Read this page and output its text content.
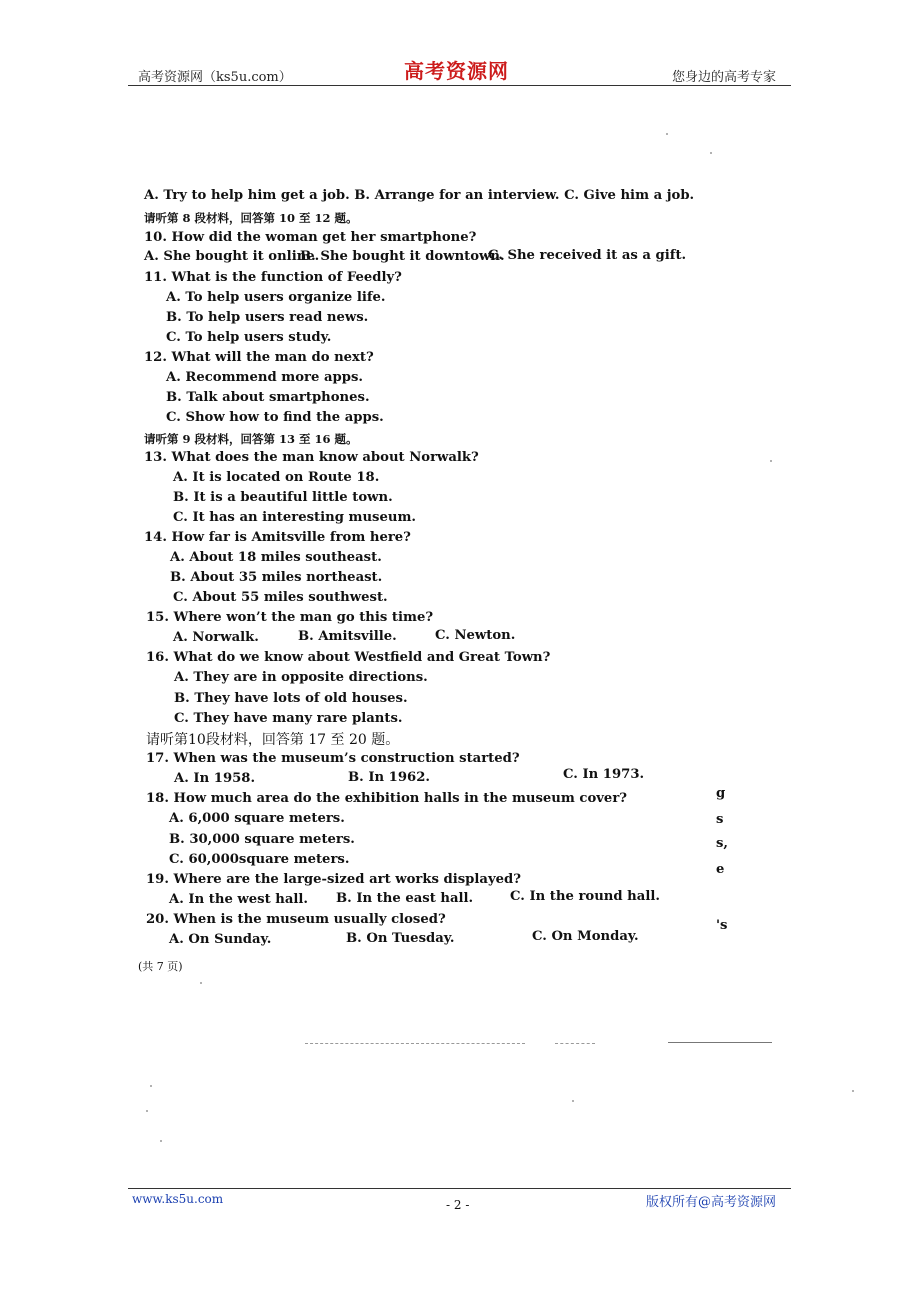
高考资源网（ks5u.com）	高考资源网	您身边的高考专家
A. Try to help him get a job. B. Arrange for an interview. C. Give him a job.
请听第 8 段材料，回答第 10 至 12 题。
10. How did the woman get her smartphone?
A. She bought it online.
B. She bought it downtown.
C. She received it as a gift.
11. What is the function of Feedly?
A. To help users organize life.
B. To help users read news.
C. To help users study.
12. What will the man do next?
A. Recommend more apps.
B. Talk about smartphones.
C. Show how to find the apps.
请听第 9 段材料，回答第 13 至 16 题。
13. What does the man know about Norwalk?
A. It is located on Route 18.
B. It is a beautiful little town.
C. It has an interesting museum.
14. How far is Amitsville from here?
A. About 18 miles southeast.
B. About 35 miles northeast.
C. About 55 miles southwest.
15. Where won’t the man go this time?
A. Norwalk.	B. Amitsville.	C. Newton.
16. What do we know about Westfield and Great Town?
A. They are in opposite directions.
B. They have lots of old houses.
C. They have many rare plants.
请听第10段材料，回答第 17 至 20 题。
17. When was the museum’s construction started?
A. In 1958.	B. In 1962.	C. In 1973.
18. How much area do the exhibition halls in the museum cover?
A. 6,000 square meters.
B. 30,000 square meters.
C. 60,000square meters.
19. Where are the large-sized art works displayed?
A. In the west hall. B. In the east hall.	C. In the round hall.
20. When is the museum usually closed?
A. On Sunday.	B. On Tuesday.	C. On Monday.
(共 7 页)
g
s
s,
e
's
www.ks5u.com	- 2 -	版权所有@高考资源网
